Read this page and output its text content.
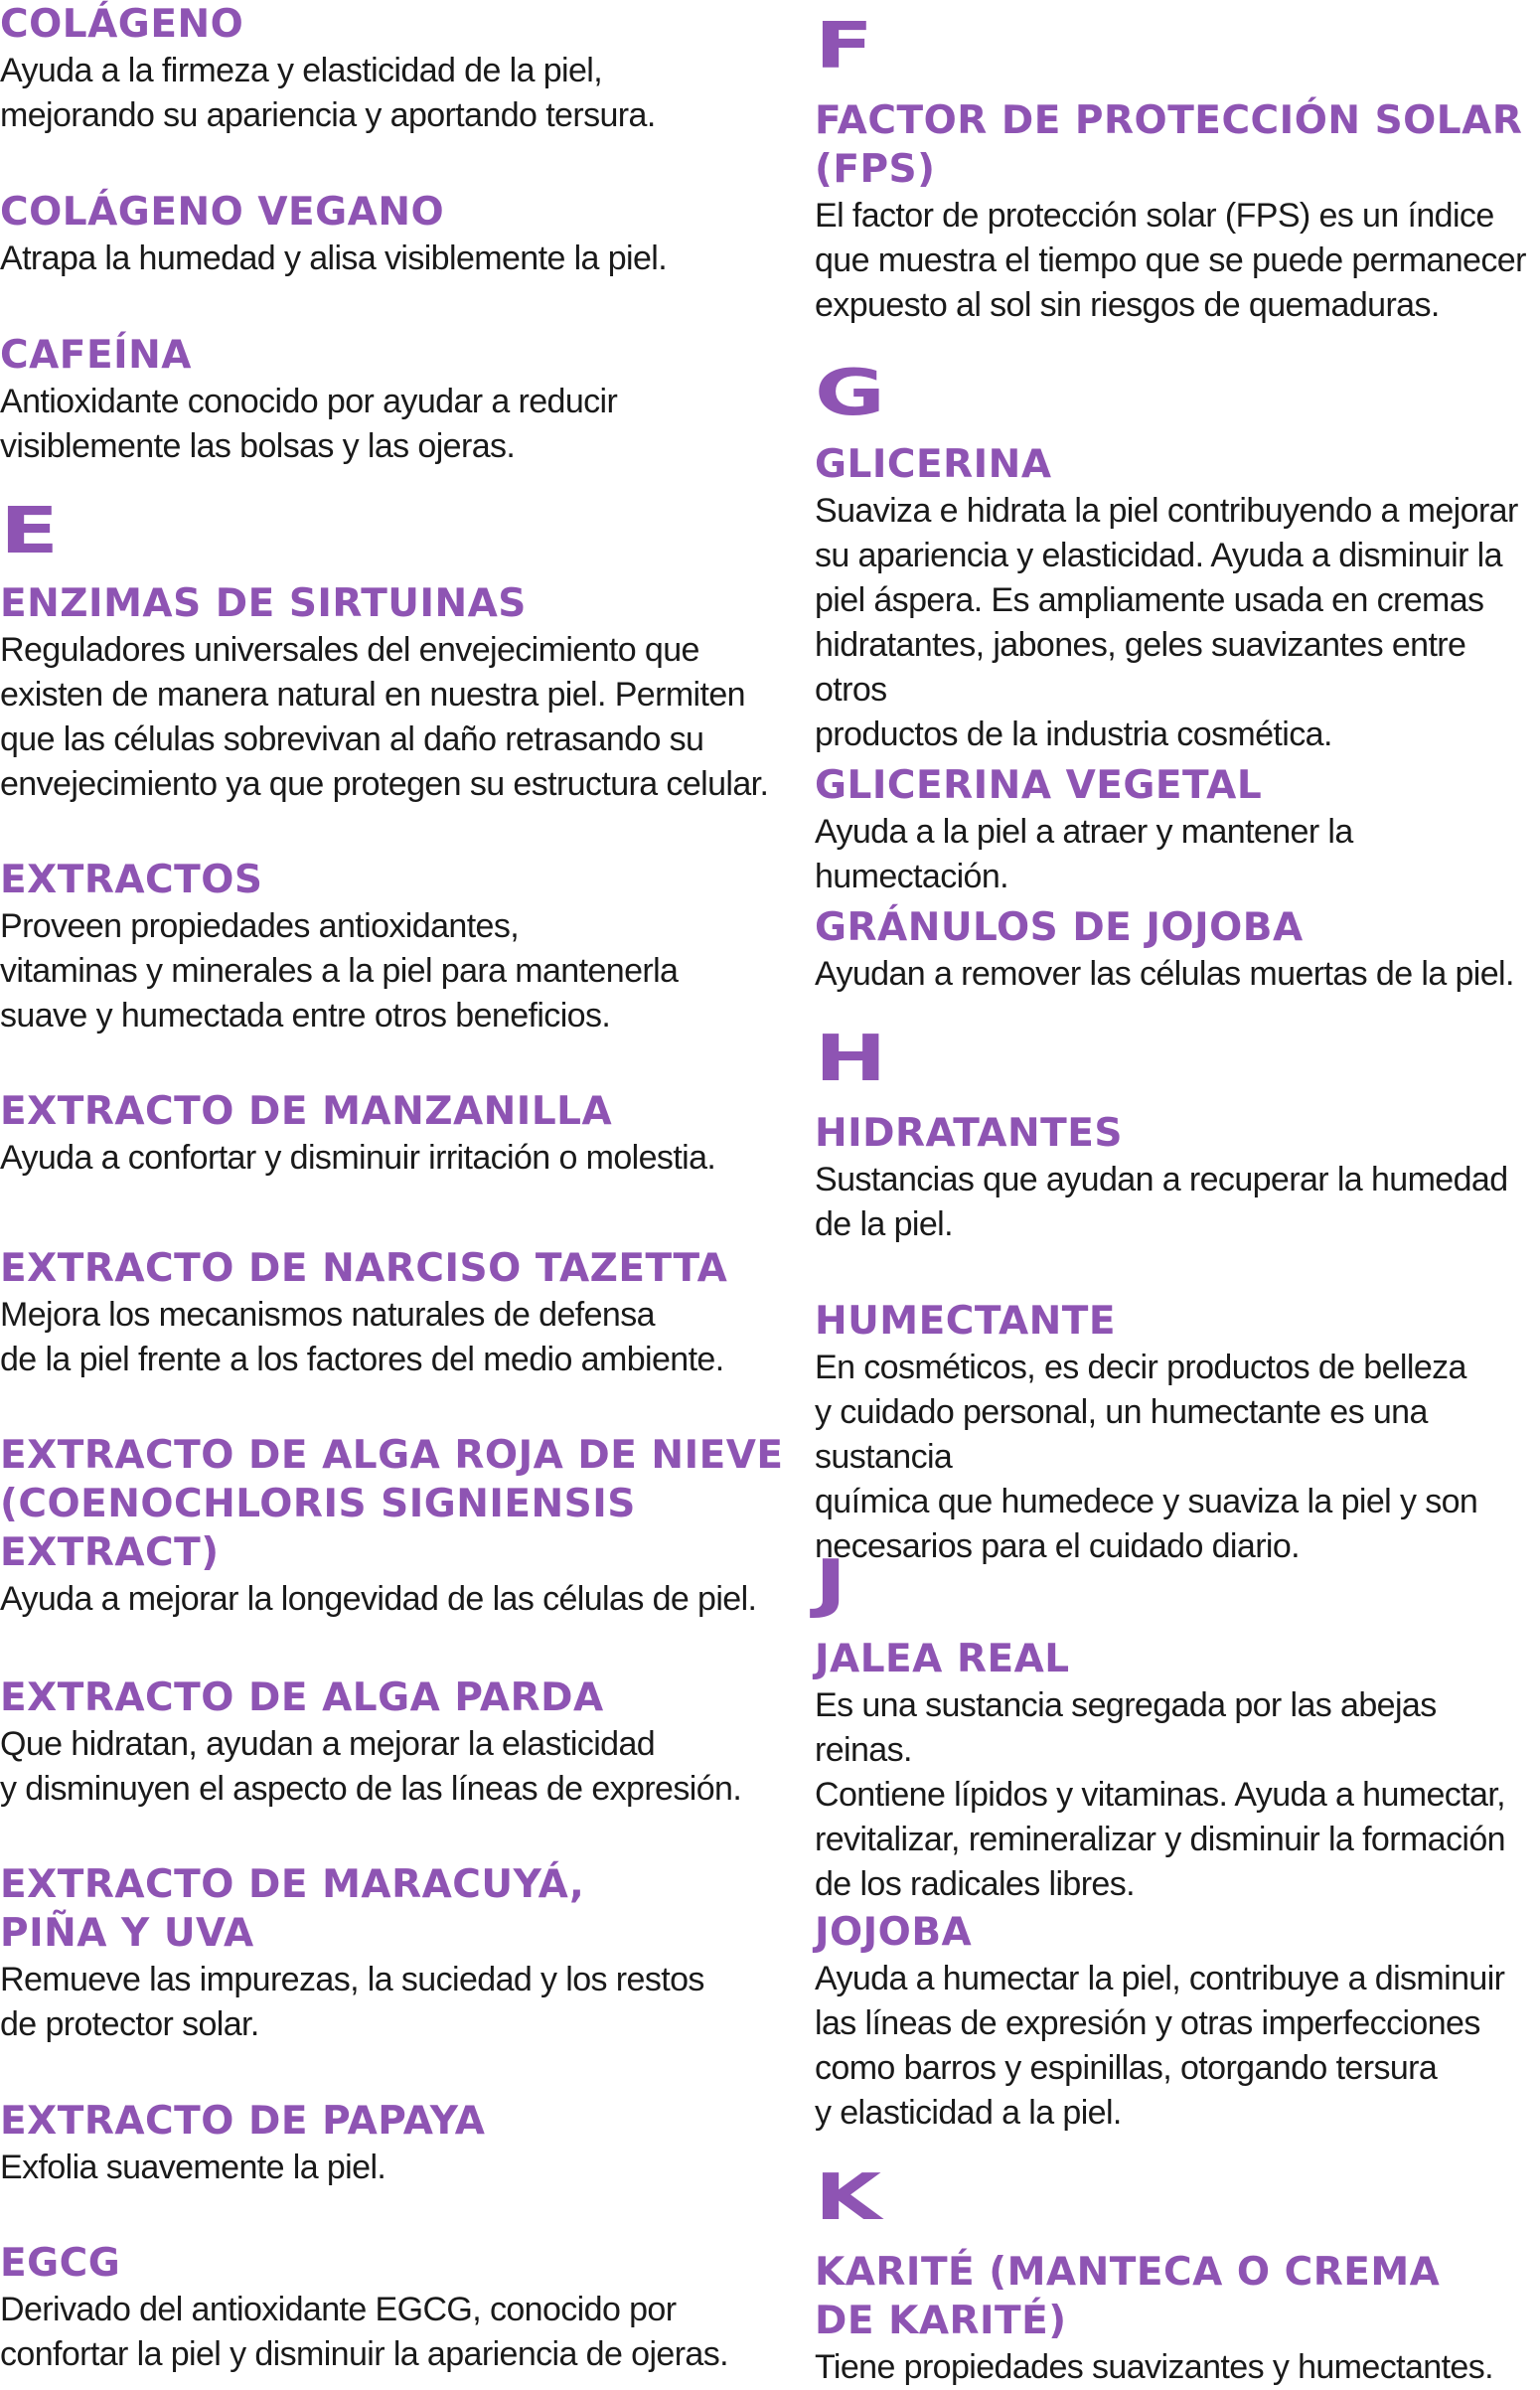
COLÁGENO
Ayuda a la firmeza y elasticidad de la piel,
mejorando su apariencia y aportando tersura.
COLÁGENO VEGANO
Atrapa la humedad y alisa visiblemente la piel.
CAFEÍNA
Antioxidante conocido por ayudar a reducir
visiblemente las bolsas y las ojeras.
E
ENZIMAS DE SIRTUINAS
Reguladores universales del envejecimiento que
existen de manera natural en nuestra piel. Permiten
que las células sobrevivan al daño retrasando su
envejecimiento ya que protegen su estructura celular.
EXTRACTOS
Proveen propiedades antioxidantes,
vitaminas y minerales a la piel para mantenerla
suave y humectada entre otros beneficios.
EXTRACTO DE MANZANILLA
Ayuda a confortar y disminuir irritación o molestia.
EXTRACTO DE NARCISO TAZETTA
Mejora los mecanismos naturales de defensa
de la piel frente a los factores del medio ambiente.
EXTRACTO DE ALGA ROJA DE NIEVE
(COENOCHLORIS SIGNIENSIS
EXTRACT)
Ayuda a mejorar la longevidad de las células de piel.
EXTRACTO DE ALGA PARDA
Que hidratan, ayudan a mejorar la elasticidad
y disminuyen el aspecto de las líneas de expresión.
EXTRACTO DE MARACUYÁ,
PIÑA Y UVA
Remueve las impurezas, la suciedad y los restos
de protector solar.
EXTRACTO DE PAPAYA
Exfolia suavemente la piel.
EGCG
Derivado del antioxidante EGCG, conocido por
confortar la piel y disminuir la apariencia de ojeras.
F
FACTOR DE PROTECCIÓN SOLAR
(FPS)
El factor de protección solar (FPS) es un índice
que muestra el tiempo que se puede permanecer
expuesto al sol sin riesgos de quemaduras.
G
GLICERINA
Suaviza e hidrata la piel contribuyendo a mejorar
su apariencia y elasticidad. Ayuda a disminuir la
piel áspera. Es ampliamente usada en cremas
hidratantes, jabones, geles suavizantes entre otros
productos de la industria cosmética.
GLICERINA VEGETAL
Ayuda a la piel a atraer y mantener la humectación.
GRÁNULOS DE JOJOBA
Ayudan a remover las células muertas de la piel.
H
HIDRATANTES
Sustancias que ayudan a recuperar la humedad
de la piel.
HUMECTANTE
En cosméticos, es decir productos de belleza
y cuidado personal, un humectante es una sustancia
química que humedece y suaviza la piel y son
necesarios para el cuidado diario.
J
JALEA REAL
Es una sustancia segregada por las abejas reinas.
Contiene lípidos y vitaminas. Ayuda a humectar,
revitalizar, remineralizar y disminuir la formación
de los radicales libres.
JOJOBA
Ayuda a humectar la piel, contribuye a disminuir
las líneas de expresión y otras imperfecciones
como barros y espinillas, otorgando tersura
y elasticidad a la piel.
K
KARITÉ (MANTECA O CREMA
DE KARITÉ)
Tiene propiedades suavizantes y humectantes.
